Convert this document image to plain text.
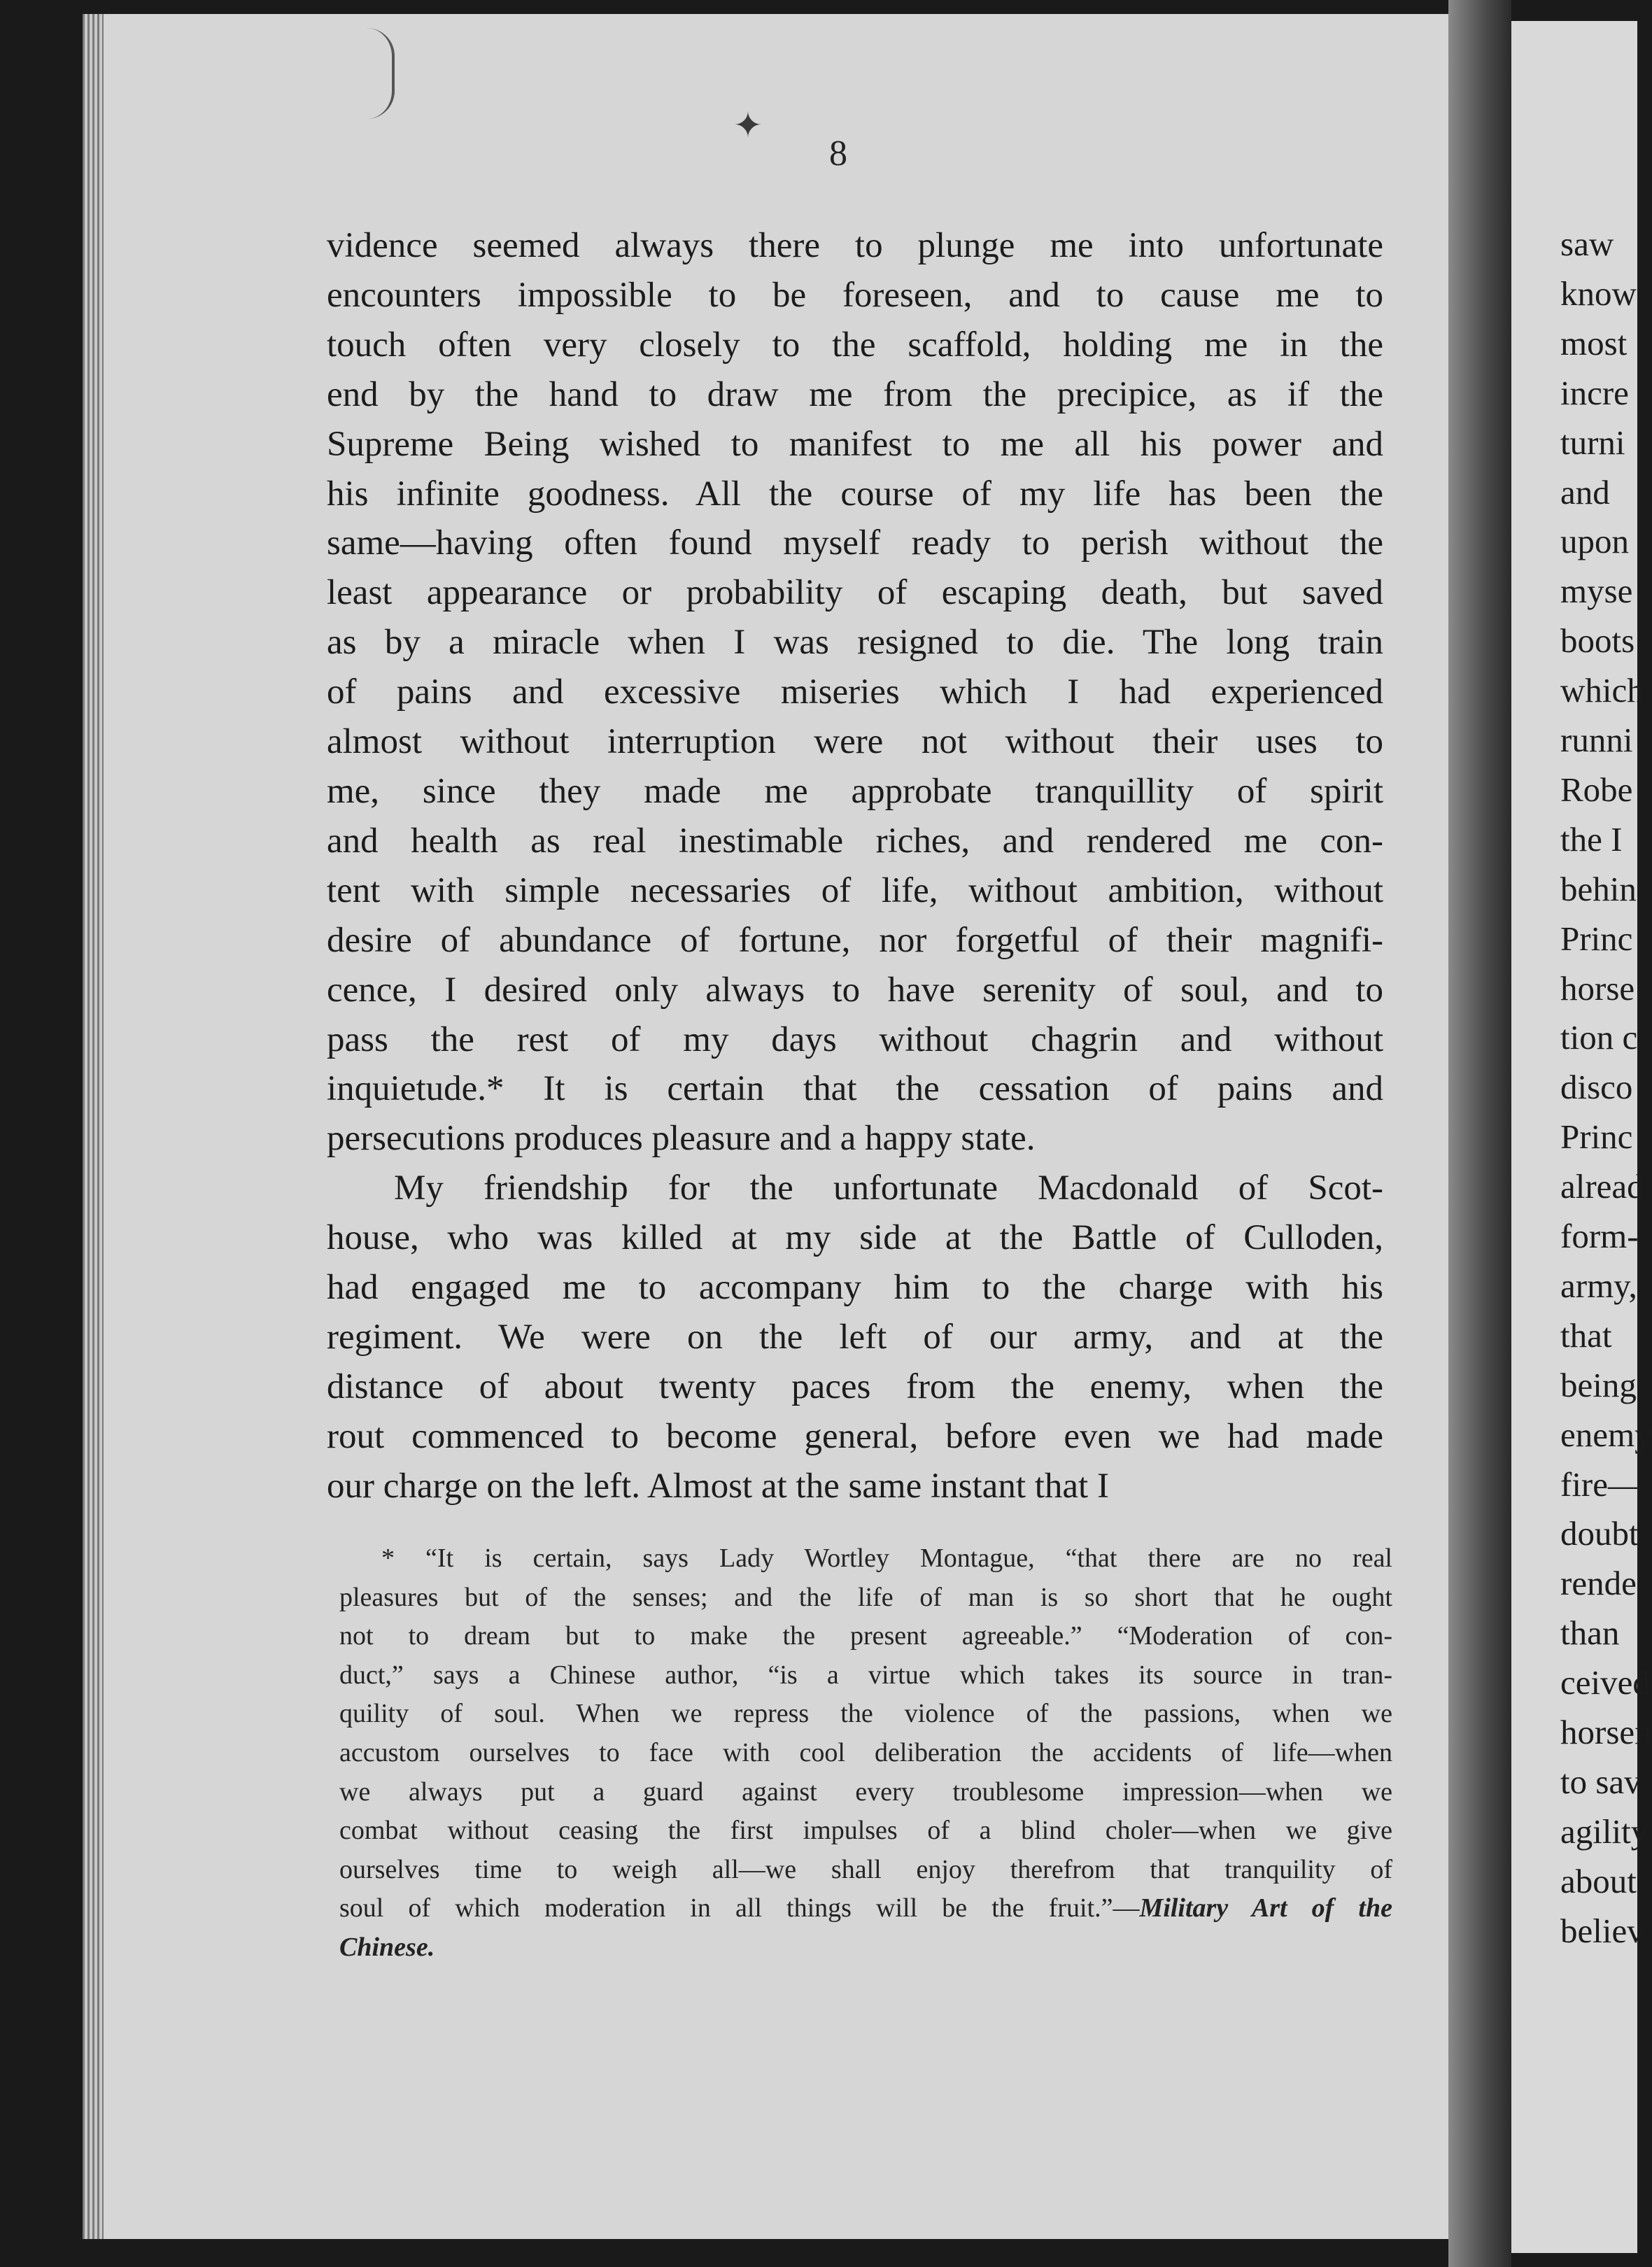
saw
know
most
incre
turni
and
upon
myse
boots
which
runni
Robe
the I
behin
Princ
horse
tion c
disco
Princ
alread
form-
army,
that
being
enemy
fire—
doubt
rende
than
ceived
horsen
to sav
agility
about
believ
✦
8
vidence seemed always there to plunge me into unfortunate
encounters impossible to be foreseen, and to cause me to
touch often very closely to the scaffold, holding me in the
end by the hand to draw me from the precipice, as if the
Supreme Being wished to manifest to me all his power and
his infinite goodness. All the course of my life has been the
same—having often found myself ready to perish without the
least appearance or probability of escaping death, but saved
as by a miracle when I was resigned to die. The long train
of pains and excessive miseries which I had experienced
almost without interruption were not without their uses to
me, since they made me approbate tranquillity of spirit
and health as real inestimable riches, and rendered me con-
tent with simple necessaries of life, without ambition, without
desire of abundance of fortune, nor forgetful of their magnifi-
cence, I desired only always to have serenity of soul, and to
pass the rest of my days without chagrin and without
inquietude.* It is certain that the cessation of pains and
persecutions produces pleasure and a happy state.
My friendship for the unfortunate Macdonald of Scot-
house, who was killed at my side at the Battle of Culloden,
had engaged me to accompany him to the charge with his
regiment. We were on the left of our army, and at the
distance of about twenty paces from the enemy, when the
rout commenced to become general, before even we had made
our charge on the left. Almost at the same instant that I
* “It is certain, says Lady Wortley Montague, “that there are no real
pleasures but of the senses; and the life of man is so short that he ought
not to dream but to make the present agreeable.” “Moderation of con-
duct,” says a Chinese author, “is a virtue which takes its source in tran-
quility of soul. When we repress the violence of the passions, when we
accustom ourselves to face with cool deliberation the accidents of life—when
we always put a guard against every troublesome impression—when we
combat without ceasing the first impulses of a blind choler—when we give
ourselves time to weigh all—we shall enjoy therefrom that tranquility of
soul of which moderation in all things will be the fruit.”—Military Art of the
Chinese.
